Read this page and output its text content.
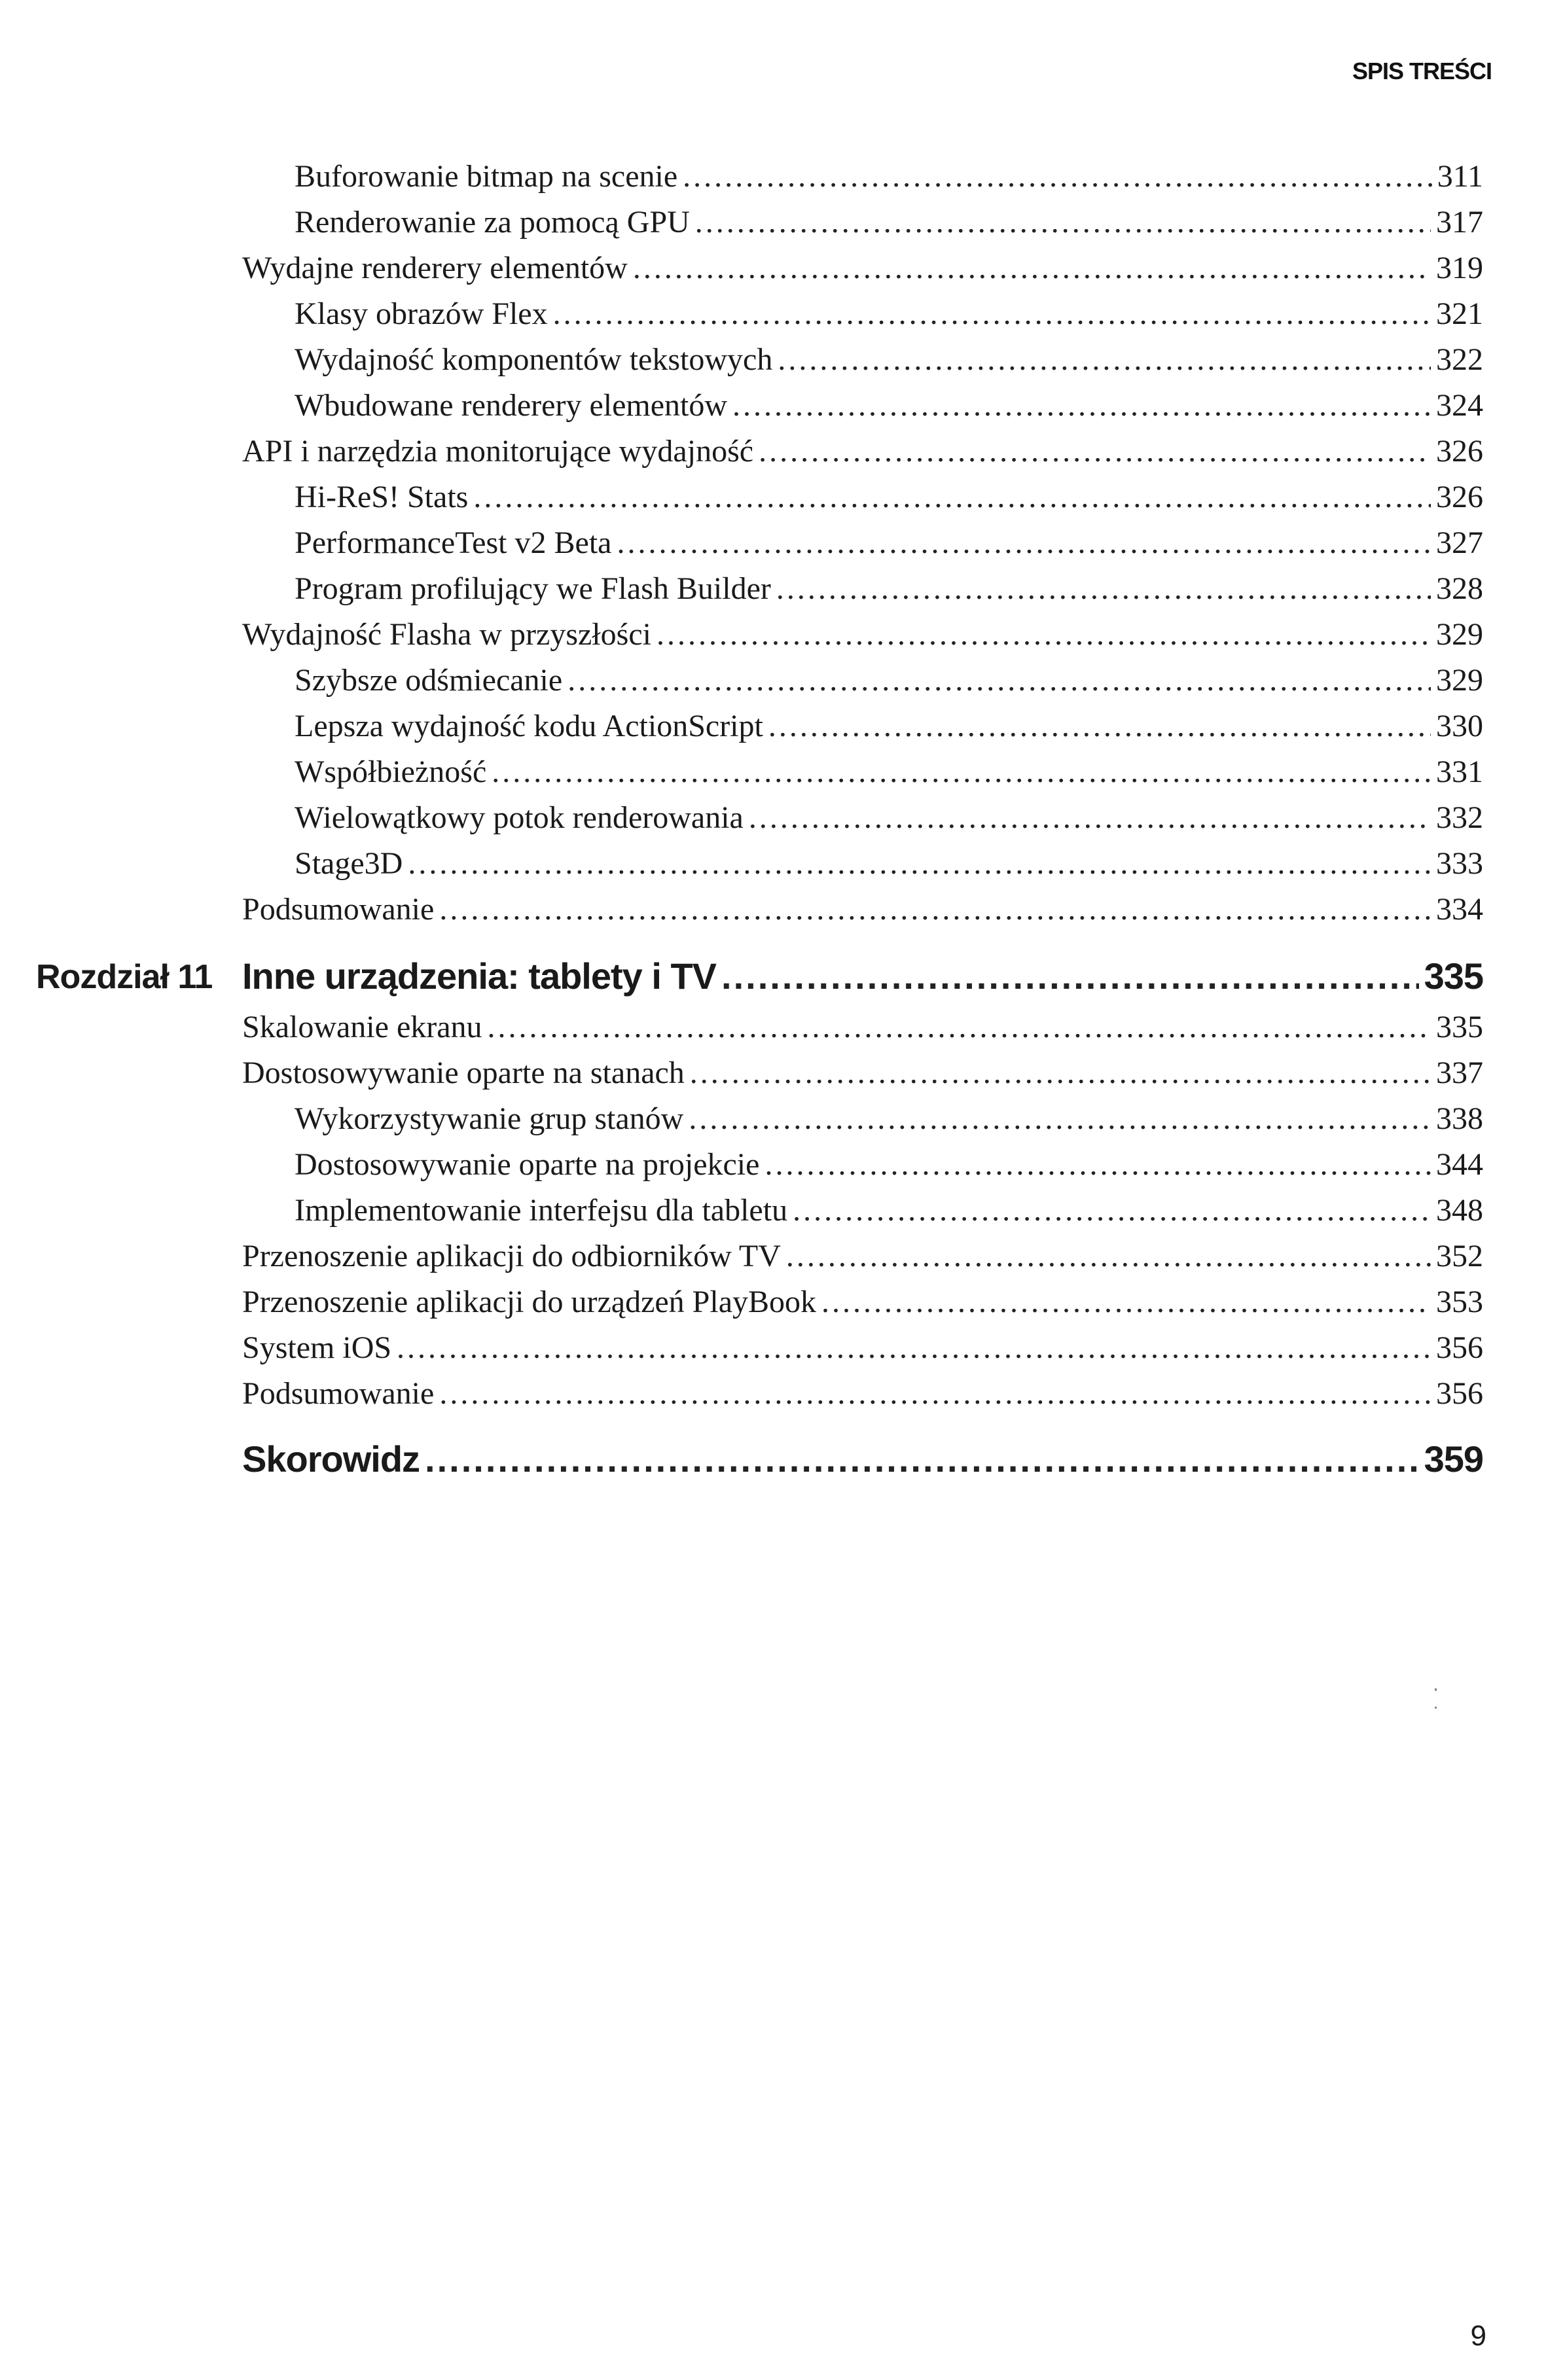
SPIS TREŚCI
Buforowanie bitmap na scenie .....	311
Renderowanie za pomocą GPU .....	317
Wydajne renderery elementów .....	319
Klasy obrazów Flex .....	321
Wydajność komponentów tekstowych .....	322
Wbudowane renderery elementów .....	324
API i narzędzia monitorujące wydajność .....	326
Hi-ReS! Stats .....	326
PerformanceTest v2 Beta .....	327
Program profilujący we Flash Builder .....	328
Wydajność Flasha w przyszłości .....	329
Szybsze odśmiecanie .....	329
Lepsza wydajność kodu ActionScript .....	330
Współbieżność .....	331
Wielowątkowy potok renderowania .....	332
Stage3D .....	333
Podsumowanie .....	334
Rozdział 11 Inne urządzenia: tablety i TV .....	335
Skalowanie ekranu .....	335
Dostosowywanie oparte na stanach .....	337
Wykorzystywanie grup stanów .....	338
Dostosowywanie oparte na projekcie .....	344
Implementowanie interfejsu dla tabletu .....	348
Przenoszenie aplikacji do odbiorników TV .....	352
Przenoszenie aplikacji do urządzeń PlayBook .....	353
System iOS .....	356
Podsumowanie .....	356
Skorowidz .....	359
9
